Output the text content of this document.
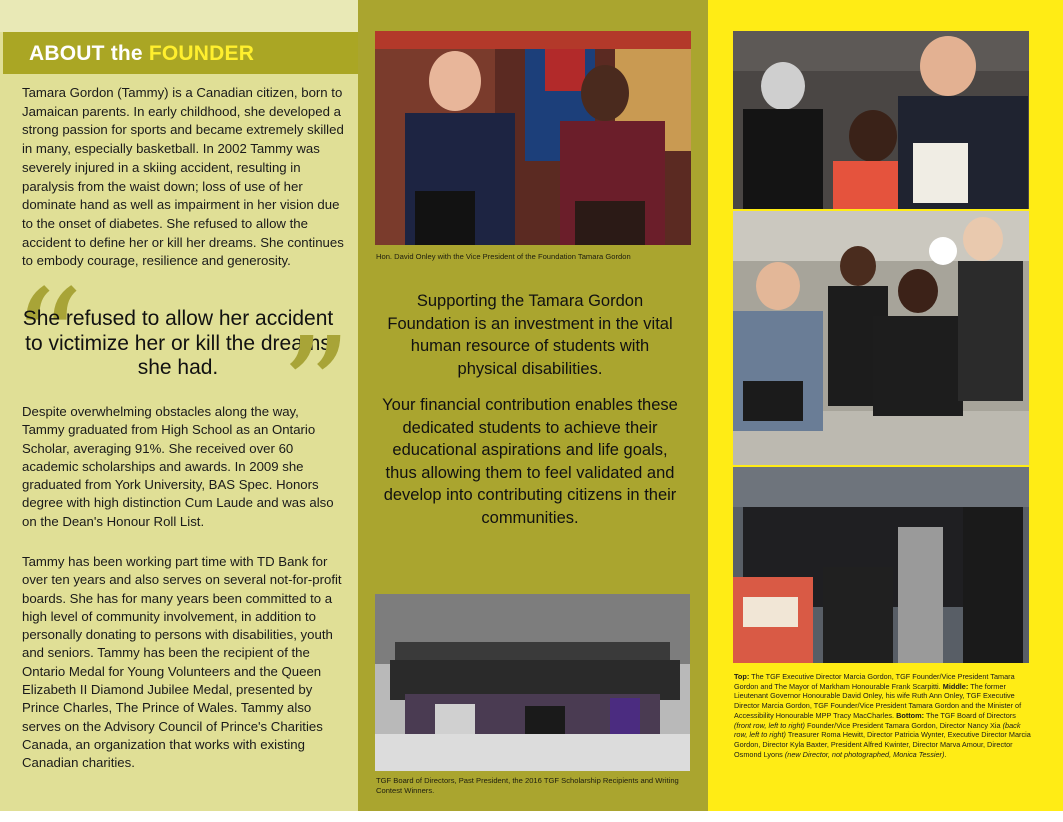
ABOUT the FOUNDER

Tamara Gordon (Tammy) is a Canadian citizen, born to Jamaican parents. In early childhood, she developed a strong passion for sports and became extremely skilled in many, especially basketball. In 2002 Tammy was severely injured in a skiing accident, resulting in paralysis from the waist down; loss of use of her dominate hand as well as impairment in her vision due to the onset of diabetes. She refused to allow the accident to define her or kill her dreams. She continues to embody courage, resilience and generosity.

“

She refused to allow her accident to victimize her or kill the dreams she had. ”

Despite overwhelming obstacles along the way, Tammy graduated from High School as an Ontario Scholar, averaging 91%. She received over 60 academic scholarships and awards. In 2009 she graduated from York University, BAS Spec. Honors degree with high distinction Cum Laude and was also on the Dean's Honour Roll List.

Tammy has been working part time with TD Bank for over ten years and also serves on several not-for-profit boards. She has for many years been committed to a high level of community involvement, in addition to personally donating to persons with disabilities, youth and seniors. Tammy has been the recipient of the Ontario Medal for Young Volunteers and the Queen Elizabeth II Diamond Jubilee Medal, presented by Prince Charles, The Prince of Wales. Tammy also serves on the Advisory Council of Prince's Charities Canada, an organization that works with existing Canadian charities.

Hon. David Onley with the Vice President of the Foundation Tamara Gordon

Supporting the Tamara Gordon Foundation is an investment in the vital human resource of students with physical disabilities.

Your financial contribution enables these dedicated students to achieve their educational aspirations and life goals, thus allowing them to feel validated and develop into contributing citizens in their communities.

TGF Board of Directors, Past President, the 2016 TGF Scholarship Recipients and Writing Contest Winners.
Top: The TGF Executive Director Marcia Gordon, TGF Founder/Vice President Tamara Gordon and The Mayor of Markham Honourable Frank Scarpitti. Middle: The former Lieutenant Governor Honourable David Onley, his wife Ruth Ann Onley, TGF Executive Director Marcia Gordon, TGF Founder/Vice President Tamara Gordon and the Minister of Accessibility Honourable MPP Tracy MacCharles. Bottom: The TGF Board of Directors (front row, left to right) Founder/Vice President Tamara Gordon, Director Nancy Xia (back row, left to right) Treasurer Roma Hewitt, Director Patricia Wynter, Executive Director Marcia Gordon, Director Kyla Baxter, President Alfred Kwinter, Director Marva Amour, Director Osmond Lyons (new Director, not photographed, Monica Tessier).
